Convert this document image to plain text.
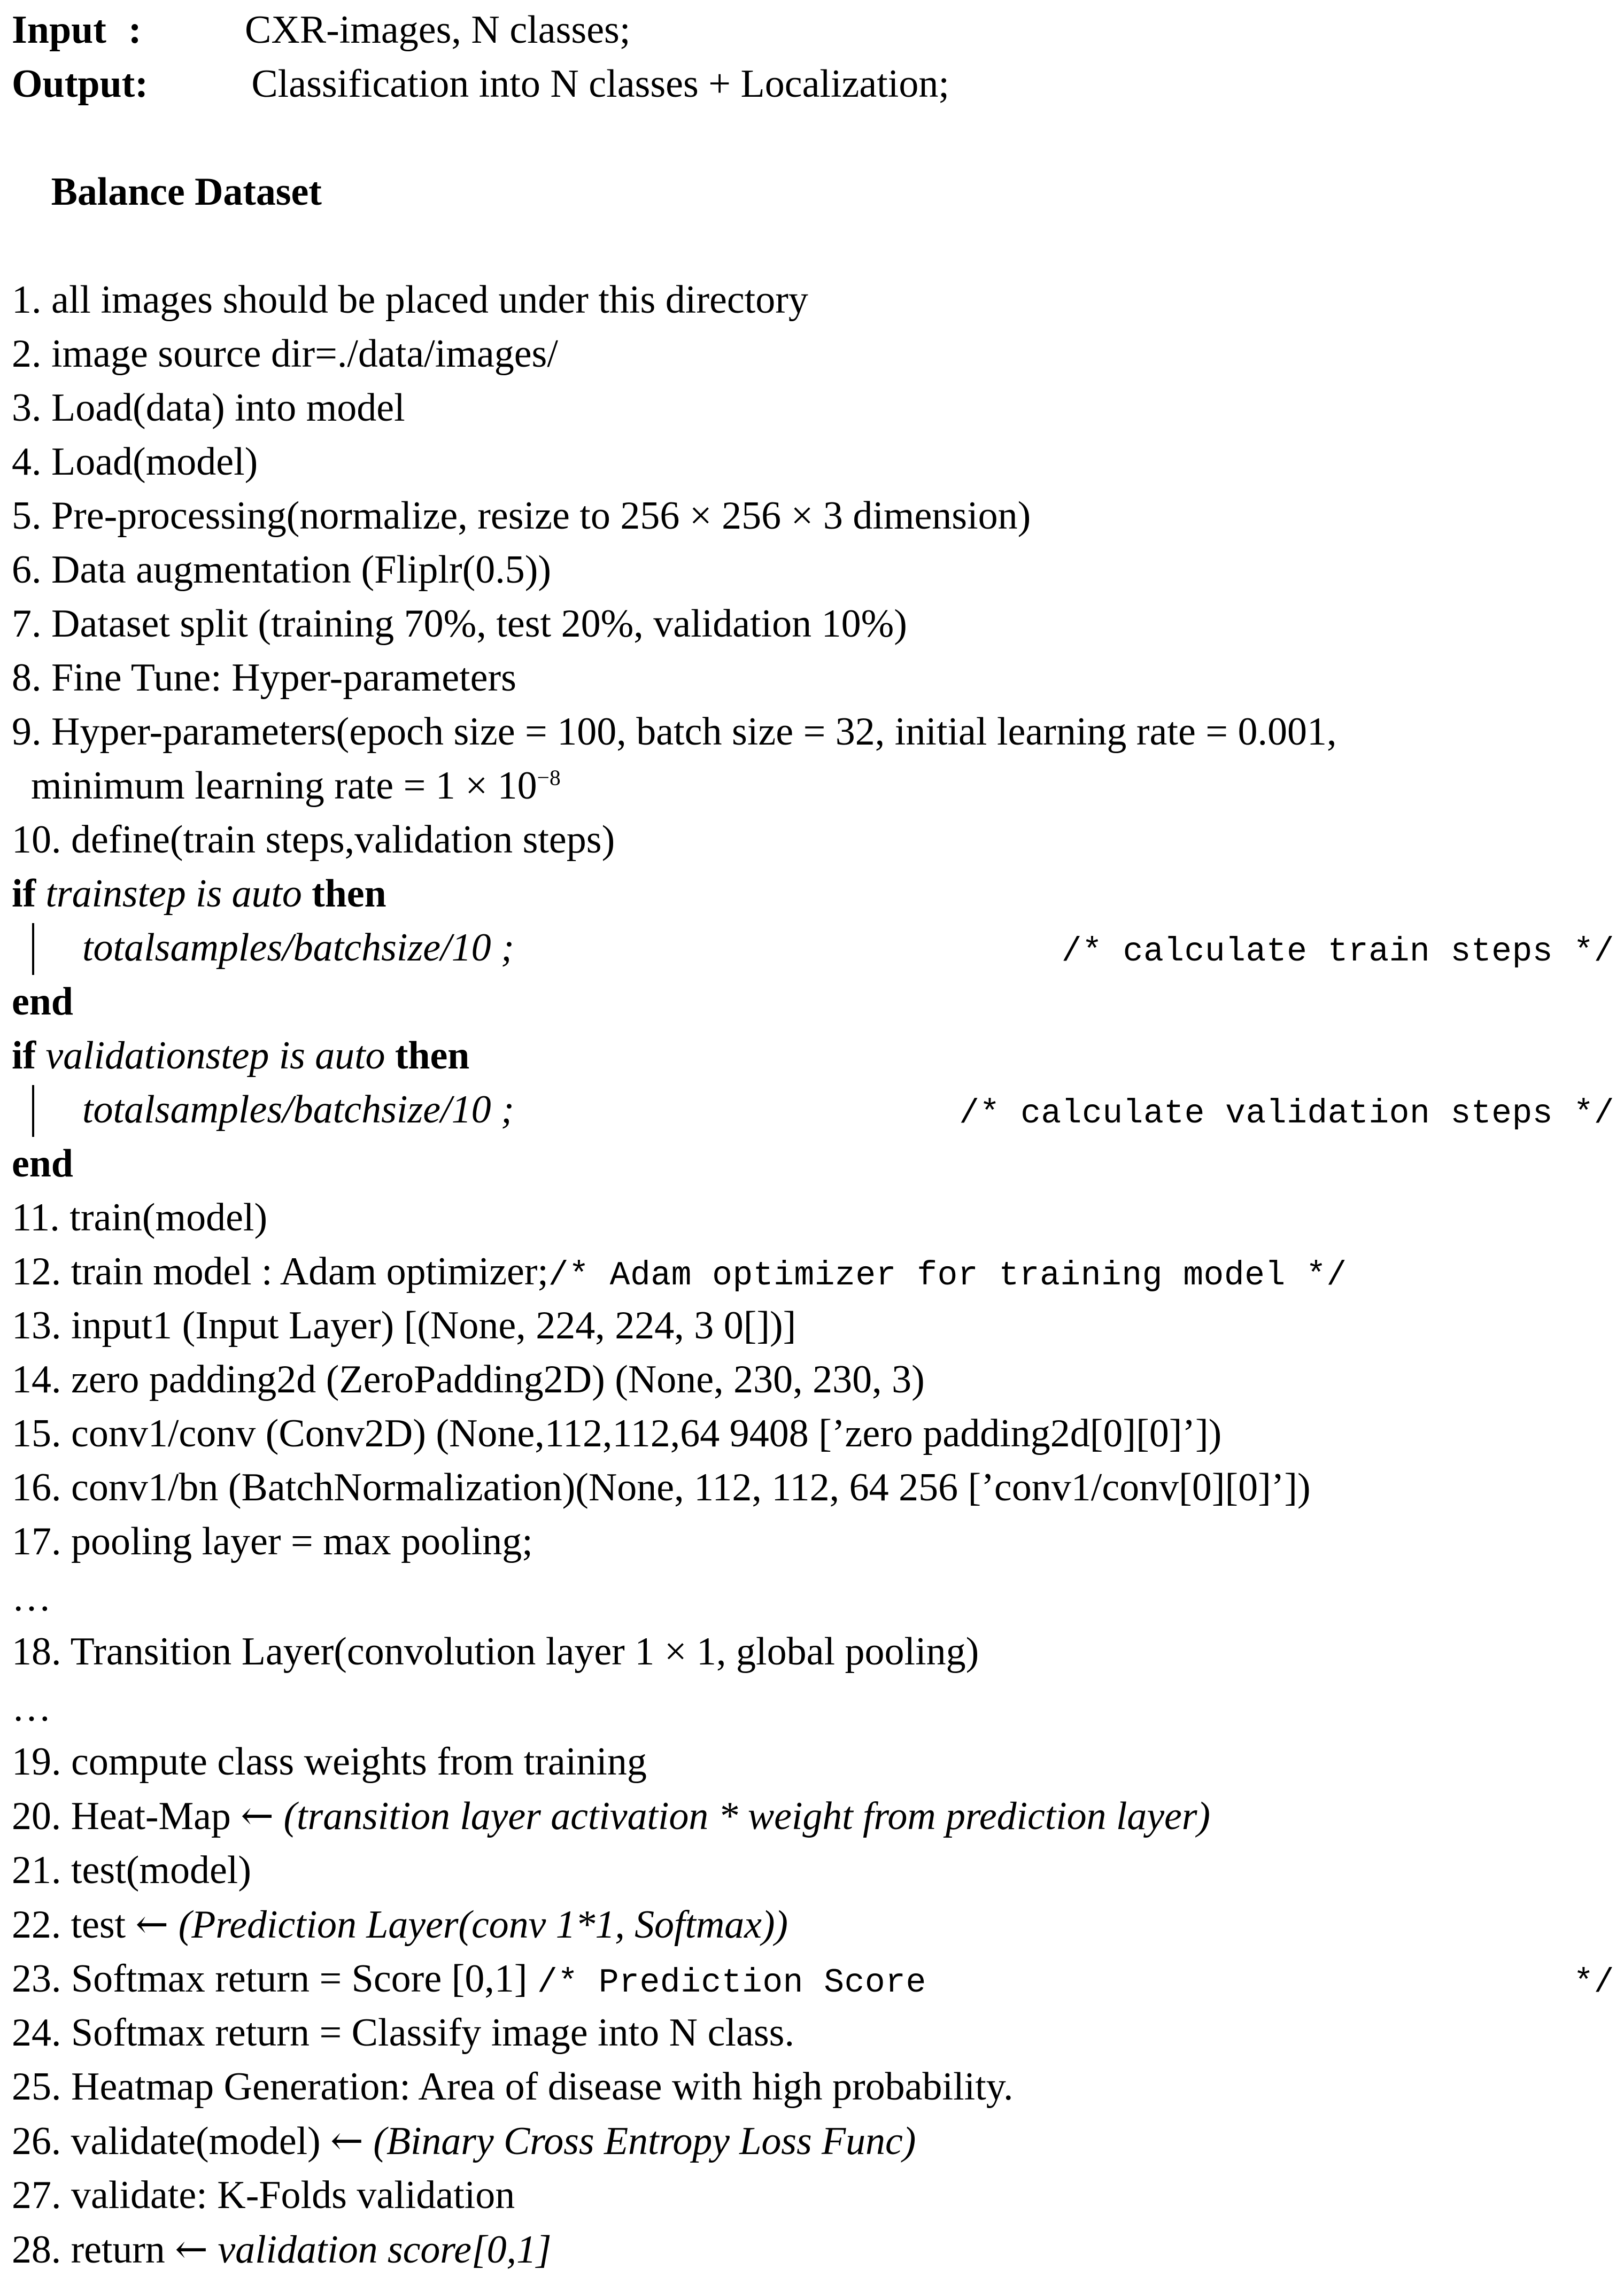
Input :	CXR-images, N classes;
Output :	Classification into N classes + Localization;

Balance Dataset

1. all images should be placed under this directory
2. image source dir=./data/images/
3. Load(data) into model
4. Load(model)
5. Pre-processing(normalize, resize to 256 × 256 × 3 dimension)
6. Data augmentation (Fliplr(0.5))
7. Dataset split (training 70%, test 20%, validation 10%)
8. Fine Tune: Hyper-parameters
9. Hyper-parameters(epoch size = 100, batch size = 32, initial learning rate = 0.001,
minimum learning rate = $1 \times 10^{-8}$
10. define(train steps,validation steps)
if trainstep is auto then
totalsamples/batchsize/10 ;	/* calculate train steps */
end
if validationstep is auto then
totalsamples/batchsize/10 ;	/* calculate validation steps */
end
11. train(model)
12. train model : Adam optimizer;/* Adam optimizer for training model */
13. input1 (Input Layer) [(None, 224, 224, 3 0[])]
14. zero padding2d (ZeroPadding2D) (None, 230, 230, 3)
15. conv1/conv (Conv2D) (None,112,112,64 9408 [’zero padding2d[0][0]’])
16. conv1/bn (BatchNormalization)(None, 112, 112, 64 256 [’conv1/conv[0][0]’])
17. pooling layer = max pooling;
…
18. Transition Layer(convolution layer 1 × 1, global pooling)
…
19. compute class weights from training
20. Heat-Map ← (transition layer activation * weight from prediction layer)
21. test(model)
22. test ← (Prediction Layer(conv 1*1, Softmax))
23.
Softmax return = Score [0,1] /* Prediction Score	*/
24. Softmax return = Classify image into N class.
25. Heatmap Generation: Area of disease with high probability.
26. validate(model) ← (Binary Cross Entropy Loss Func)
27. validate: K-Folds validation
28. return ← validation score[0,1]
